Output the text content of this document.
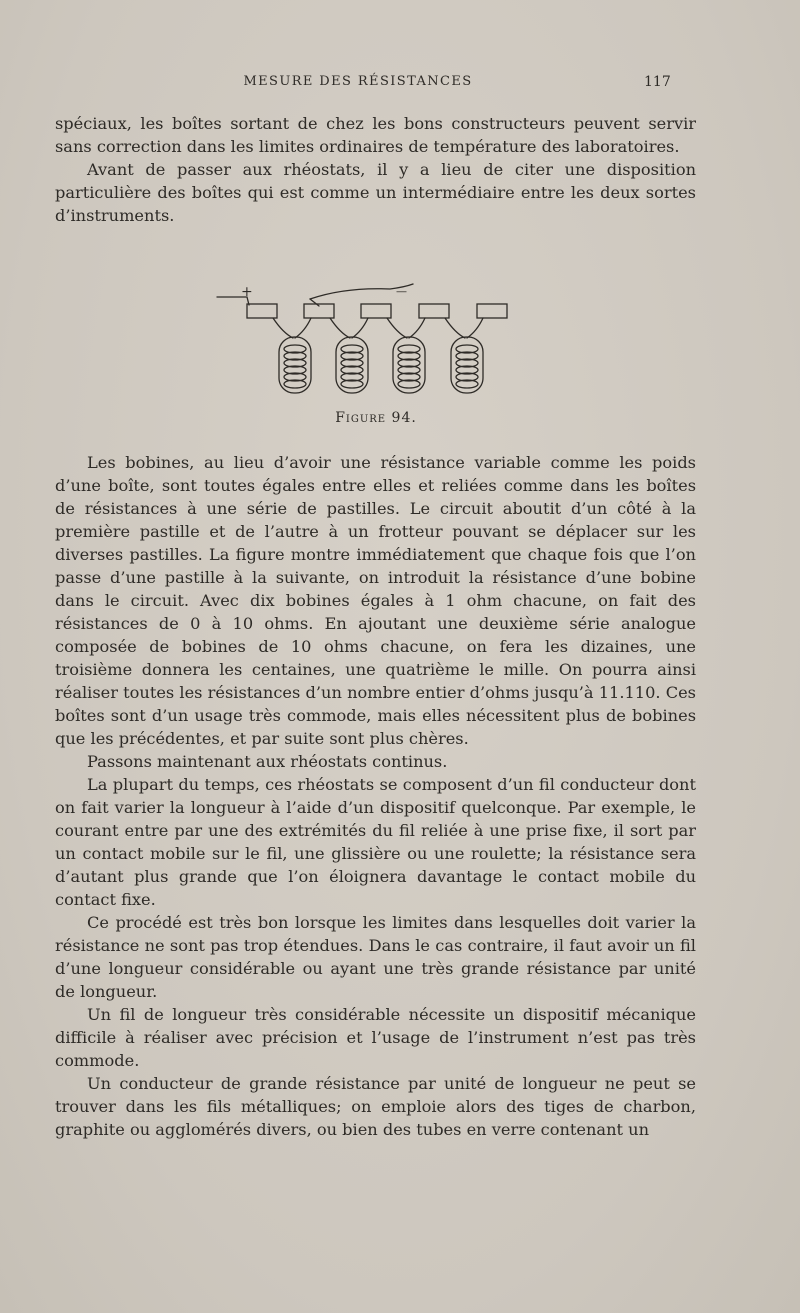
MESURE DES RÉSISTANCES	117

spéciaux, les boîtes sortant de chez les bons constructeurs peuvent servir sans correction dans les limites ordinaires de température des laboratoires.

Avant de passer aux rhéostats, il y a lieu de citer une disposition particulière des boîtes qui est comme un intermédiaire entre les deux sortes d’instruments.

+	—
Figure 94.

Les bobines, au lieu d’avoir une résistance variable comme les poids d’une boîte, sont toutes égales entre elles et reliées comme dans les boîtes de résistances à une série de pastilles. Le circuit aboutit d’un côté à la première pastille et de l’autre à un frotteur pouvant se déplacer sur les diverses pastilles. La figure montre immédiatement que chaque fois que l’on passe d’une pastille à la suivante, on introduit la résistance d’une bobine dans le circuit. Avec dix bobines égales à 1 ohm chacune, on fait des résistances de 0 à 10 ohms. En ajoutant une deuxième série analogue composée de bobines de 10 ohms chacune, on fera les dizaines, une troisième donnera les centaines, une quatrième le mille. On pourra ainsi réaliser toutes les résistances d’un nombre entier d’ohms jusqu’à 11.110. Ces boîtes sont d’un usage très commode, mais elles nécessitent plus de bobines que les précédentes, et par suite sont plus chères.

Passons maintenant aux rhéostats continus.

La plupart du temps, ces rhéostats se composent d’un fil conducteur dont on fait varier la longueur à l’aide d’un dispositif quelconque. Par exemple, le courant entre par une des extrémités du fil reliée à une prise fixe, il sort par un contact mobile sur le fil, une glissière ou une roulette; la résistance sera d’autant plus grande que l’on éloignera davantage le contact mobile du contact fixe.

Ce procédé est très bon lorsque les limites dans lesquelles doit varier la résistance ne sont pas trop étendues. Dans le cas contraire, il faut avoir un fil d’une longueur considérable ou ayant une très grande résistance par unité de longueur.

Un fil de longueur très considérable nécessite un dispositif mécanique difficile à réaliser avec précision et l’usage de l’instrument n’est pas très commode.

Un conducteur de grande résistance par unité de longueur ne peut se trouver dans les fils métalliques; on emploie alors des tiges de charbon, graphite ou agglomérés divers, ou bien des tubes en verre contenant un
